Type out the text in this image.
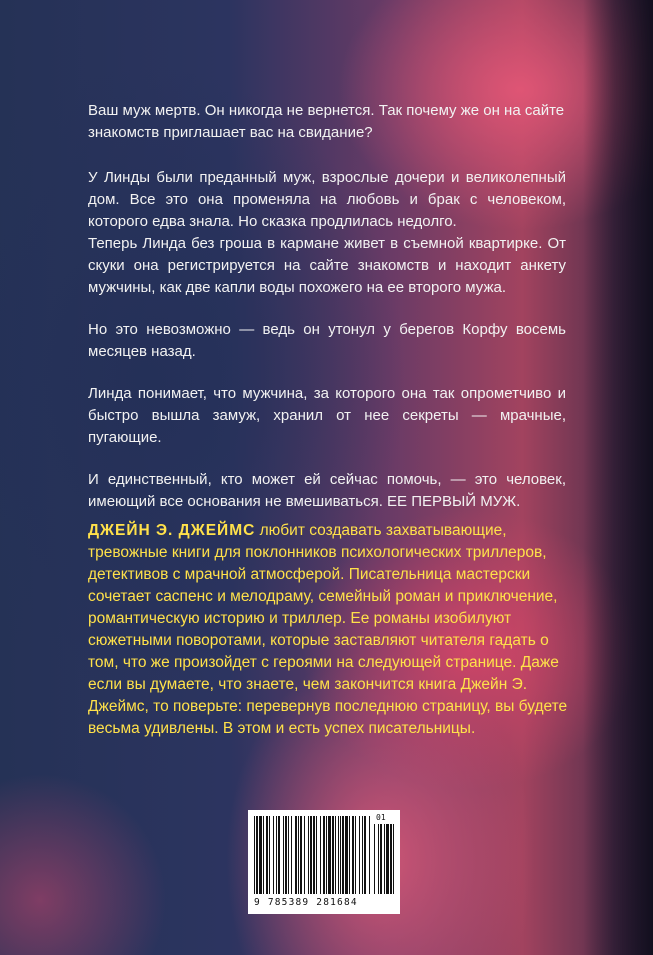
Ваш муж мертв. Он никогда не вернется. Так почему же он на сайте
знакомств приглашает вас на свидание?

У Линды были преданный муж, взрослые дочери и великолепный дом. Все это она променяла на любовь и брак с человеком, которого едва знала. Но сказка продлилась недолго.

Теперь Линда без гроша в кармане живет в съемной квартирке. От скуки она регистрируется на сайте знакомств и находит анкету мужчины, как две капли воды похожего на ее второго мужа.

Но это невозможно — ведь он утонул у берегов Корфу восемь месяцев назад.

Линда понимает, что мужчина, за которого она так опрометчиво и быстро вышла замуж, хранил от нее секреты — мрачные, пугающие.

И единственный, кто может ей сейчас помочь, — это человек, имеющий все основания не вмешиваться. ЕЕ ПЕРВЫЙ МУЖ.

ДЖЕЙН Э. ДЖЕЙМС любит создавать захватывающие, тревожные книги для поклонников психологических триллеров, детективов с мрачной атмосферой. Писательница мастерски сочетает саспенс и мелодраму, семейный роман и приключение, романтическую историю и триллер. Ее романы изобилуют сюжетными поворотами, которые заставляют читателя гадать о том, что же произойдет с героями на следующей странице. Даже если вы думаете, что знаете, чем закончится книга Джейн Э. Джеймс, то поверьте: перевернув последнюю страницу, вы будете весьма удивлены. В этом и есть успех писательницы.
01
9 785389 281684
